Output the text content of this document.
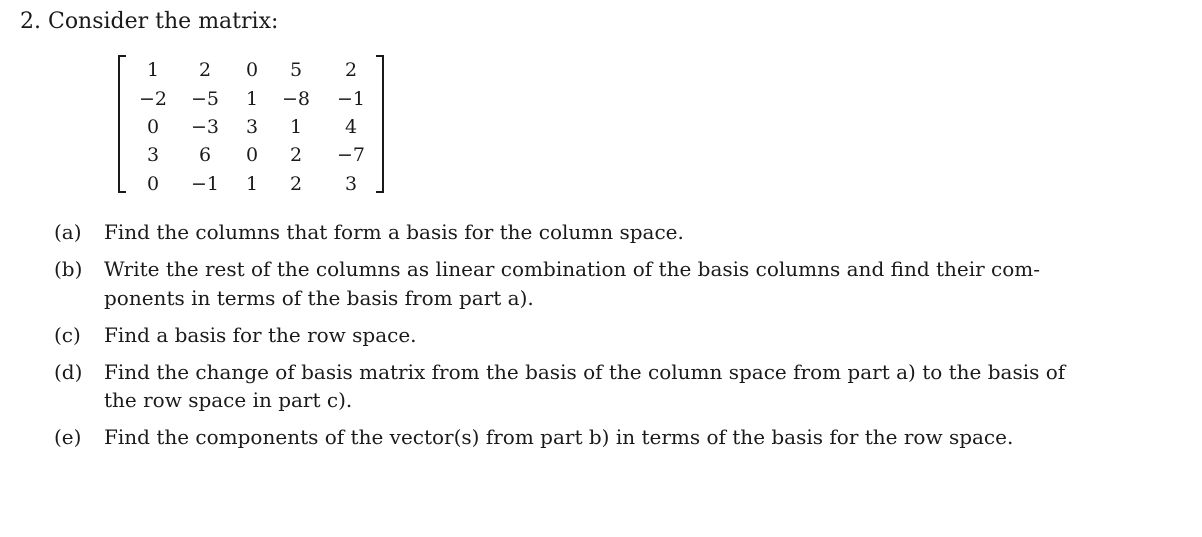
2. Consider the matrix:
1	2	0	5	2
−2	−5	1	−8	−1
0	−3	3	1	4
3	6	0	2	−7
0	−1	1	2	3
(a) Find the columns that form a basis for the column space.
(b) Write the rest of the columns as linear combination of the basis columns and find their components in terms of the basis from part a).
(c) Find a basis for the row space.
(d) Find the change of basis matrix from the basis of the column space from part a) to the basis of the row space in part c).
(e) Find the components of the vector(s) from part b) in terms of the basis for the row space.
